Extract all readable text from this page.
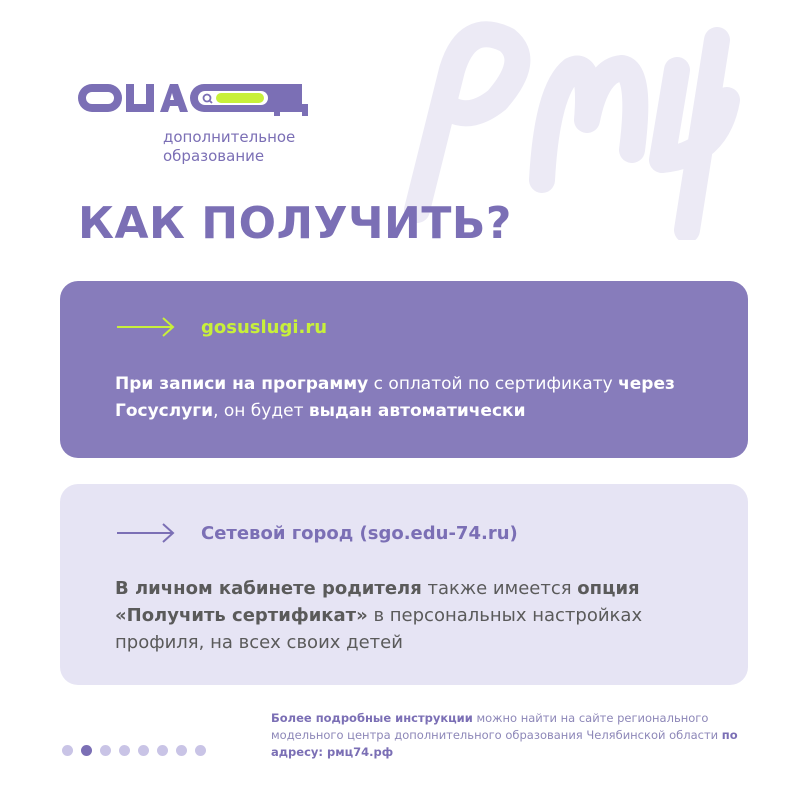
дополнительное
образование
КАК ПОЛУЧИТЬ?
gosuslugi.ru

При записи на программу с оплатой по сертификату через Госуслуги, он будет выдан автоматически

Сетевой город (sgo.edu-74.ru)

В личном кабинете родителя также имеется опция «Получить сертификат» в персональных настройках профиля, на всех своих детей

Более подробные инструкции можно найти на сайте регионального модельного центра дополнительного образования Челябинской области по адресу: рмц74.рф
